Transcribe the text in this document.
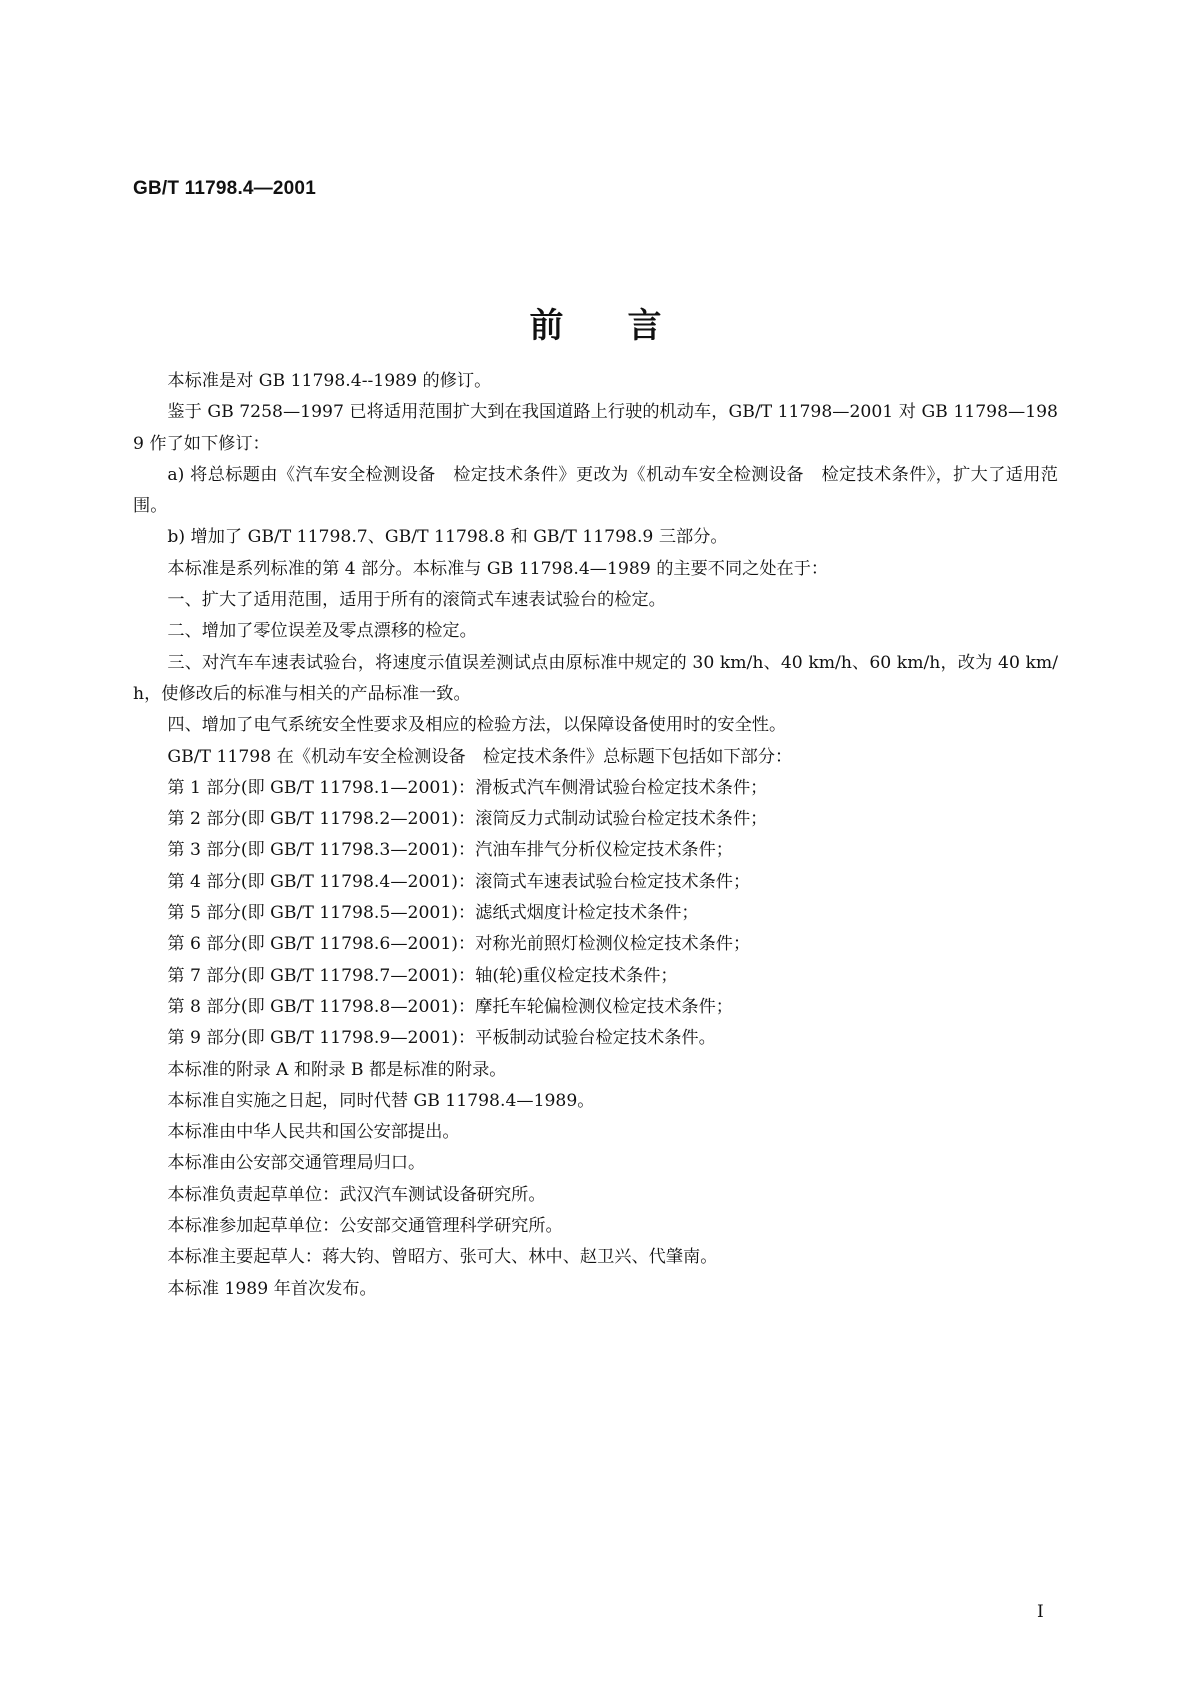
GB/T 11798.4—2001
前言

本标准是对 GB 11798.4--1989 的修订。

鉴于 GB 7258—1997 已将适用范围扩大到在我国道路上行驶的机动车，GB/T 11798—2001 对 GB 11798—1989 作了如下修订：

a) 将总标题由《汽车安全检测设备　检定技术条件》更改为《机动车安全检测设备　检定技术条件》，扩大了适用范围。

b) 增加了 GB/T 11798.7、GB/T 11798.8 和 GB/T 11798.9 三部分。

本标准是系列标准的第 4 部分。本标准与 GB 11798.4—1989 的主要不同之处在于：

一、扩大了适用范围，适用于所有的滚筒式车速表试验台的检定。

二、增加了零位误差及零点漂移的检定。

三、对汽车车速表试验台，将速度示值误差测试点由原标准中规定的 30 km/h、40 km/h、60 km/h，改为 40 km/h，使修改后的标准与相关的产品标准一致。

四、增加了电气系统安全性要求及相应的检验方法，以保障设备使用时的安全性。

GB/T 11798 在《机动车安全检测设备　检定技术条件》总标题下包括如下部分：

第 1 部分(即 GB/T 11798.1—2001)：滑板式汽车侧滑试验台检定技术条件；

第 2 部分(即 GB/T 11798.2—2001)：滚筒反力式制动试验台检定技术条件；

第 3 部分(即 GB/T 11798.3—2001)：汽油车排气分析仪检定技术条件；

第 4 部分(即 GB/T 11798.4—2001)：滚筒式车速表试验台检定技术条件；

第 5 部分(即 GB/T 11798.5—2001)：滤纸式烟度计检定技术条件；

第 6 部分(即 GB/T 11798.6—2001)：对称光前照灯检测仪检定技术条件；

第 7 部分(即 GB/T 11798.7—2001)：轴(轮)重仪检定技术条件；

第 8 部分(即 GB/T 11798.8—2001)：摩托车轮偏检测仪检定技术条件；

第 9 部分(即 GB/T 11798.9—2001)：平板制动试验台检定技术条件。

本标准的附录 A 和附录 B 都是标准的附录。

本标准自实施之日起，同时代替 GB 11798.4—1989。

本标准由中华人民共和国公安部提出。

本标准由公安部交通管理局归口。

本标准负责起草单位：武汉汽车测试设备研究所。

本标准参加起草单位：公安部交通管理科学研究所。

本标准主要起草人：蒋大钧、曾昭方、张可大、林中、赵卫兴、代肇南。

本标准 1989 年首次发布。

I
